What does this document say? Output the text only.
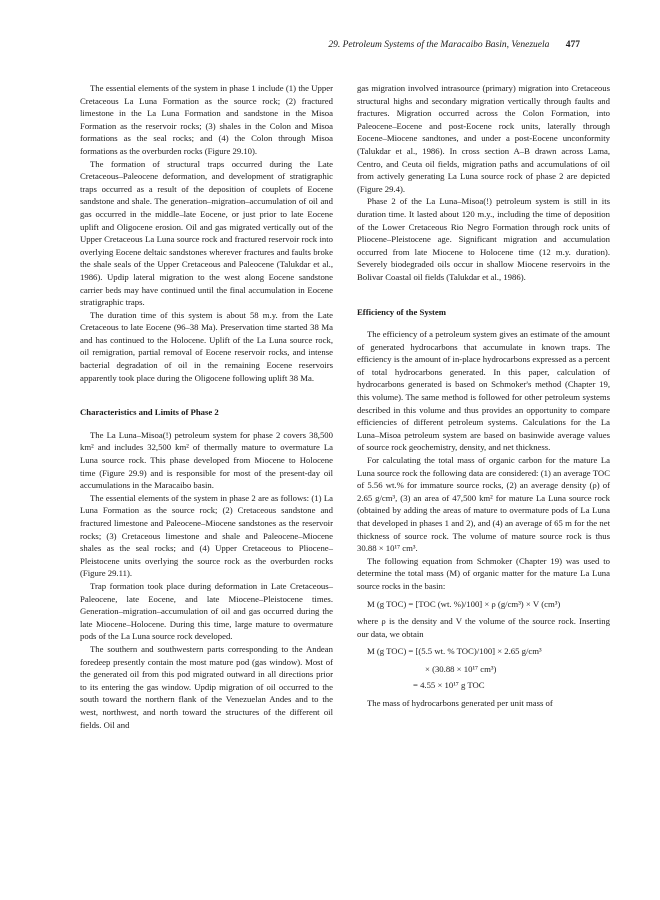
29. Petroleum Systems of the Maracaibo Basin, Venezuela 477

The essential elements of the system in phase 1 include (1) the Upper Cretaceous La Luna Formation as the source rock; (2) fractured limestone in the La Luna Formation and sandstone in the Misoa Formation as the reservoir rocks; (3) shales in the Colon and Misoa formations as the seal rocks; and (4) the Colon through Misoa formations as the overburden rocks (Figure 29.10).

The formation of structural traps occurred during the Late Cretaceous–Paleocene deformation, and development of stratigraphic traps occurred as a result of the deposition of couplets of Eocene sandstone and shale. The generation–migration–accumulation of oil and gas occurred in the middle–late Eocene, or just prior to late Eocene uplift and Oligocene erosion. Oil and gas migrated vertically out of the Upper Cretaceous La Luna source rock and fractured reservoir rock into overlying Eocene deltaic sandstones wherever fractures and faults broke the shale seals of the Upper Cretaceous and Paleocene (Talukdar et al., 1986). Updip lateral migration to the west along Eocene sandstone carrier beds may have continued until the final accumulation in Eocene stratigraphic traps.

The duration time of this system is about 58 m.y. from the Late Cretaceous to late Eocene (96–38 Ma). Preservation time started 38 Ma and has continued to the Holocene. Uplift of the La Luna source rock, oil remigration, partial removal of Eocene reservoir rocks, and intense bacterial degradation of oil in the remaining Eocene reservoirs apparently took place during the Oligocene following uplift 38 Ma.

Characteristics and Limits of Phase 2

The La Luna–Misoa(!) petroleum system for phase 2 covers 38,500 km² and includes 32,500 km² of thermally mature to overmature La Luna source rock. This phase developed from Miocene to Holocene time (Figure 29.9) and is responsible for most of the present-day oil accumulations in the Maracaibo basin.

The essential elements of the system in phase 2 are as follows: (1) La Luna Formation as the source rock; (2) Cretaceous sandstone and fractured limestone and Paleocene–Miocene sandstones as the reservoir rocks; (3) Cretaceous limestone and shale and Paleocene–Miocene shales as the seal rocks; and (4) Upper Cretaceous to Pliocene–Pleistocene units overlying the source rock as the overburden rocks (Figure 29.11).

Trap formation took place during deformation in Late Cretaceous–Paleocene, late Eocene, and late Miocene–Pleistocene times. Generation–migration–accumulation of oil and gas occurred during the late Miocene–Holocene. During this time, large mature to overmature pods of the La Luna source rock developed.

The southern and southwestern parts corresponding to the Andean foredeep presently contain the most mature pod (gas window). Most of the generated oil from this pod migrated outward in all directions prior to its entering the gas window. Updip migration of oil occurred to the south toward the northern flank of the Venezuelan Andes and to the west, northwest, and north toward the structures of the different oil fields. Oil and

gas migration involved intrasource (primary) migration into Cretaceous structural highs and secondary migration vertically through faults and fractures. Migration occurred across the Colon Formation, into Paleocene–Eocene and post-Eocene rock units, laterally through Eocene–Miocene sandtones, and under a post-Eocene unconformity (Talukdar et al., 1986). In cross section A–B drawn across Lama, Centro, and Ceuta oil fields, migration paths and accumulations of oil from actively generating La Luna source rock of phase 2 are depicted (Figure 29.4).

Phase 2 of the La Luna–Misoa(!) petroleum system is still in its duration time. It lasted about 120 m.y., including the time of deposition of the Lower Cretaceous Rio Negro Formation through rock units of Pliocene–Pleistocene age. Significant migration and accumulation occurred from late Miocene to Holocene time (12 m.y. duration). Severely biodegraded oils occur in shallow Miocene reservoirs in the Bolivar Coastal oil fields (Talukdar et al., 1986).

Efficiency of the System

The efficiency of a petroleum system gives an estimate of the amount of generated hydrocarbons that accumulate in known traps. The efficiency is the amount of in-place hydrocarbons expressed as a percent of total hydrocarbons generated. In this paper, calculation of hydrocarbons generated is based on Schmoker's method (Chapter 19, this volume). The same method is followed for other petroleum systems described in this volume and thus provides an opportunity to compare efficiencies of different petroleum systems. Calculations for the La Luna–Misoa petroleum system are based on basinwide average values of source rock geochemistry, density, and net thickness.

For calculating the total mass of organic carbon for the mature La Luna source rock the following data are considered: (1) an average TOC of 5.56 wt.% for immature source rocks, (2) an average density (ρ) of 2.65 g/cm³, (3) an area of 47,500 km² for mature La Luna source rock (obtained by adding the areas of mature to overmature pods of La Luna that developed in phases 1 and 2), and (4) an average of 65 m for the net thickness of source rock. The volume of mature source rock is thus 30.88 × 10¹⁷ cm³.

The following equation from Schmoker (Chapter 19) was used to determine the total mass (M) of organic matter for the mature La Luna source rocks in the basin:

M (g TOC) = [TOC (wt. %)/100] × ρ (g/cm³) × V (cm³)

where ρ is the density and V the volume of the source rock. Inserting our data, we obtain

M (g TOC) = [(5.5 wt. % TOC)/100] × 2.65 g/cm³

× (30.88 × 10¹⁷ cm³)

= 4.55 × 10¹⁷ g TOC

The mass of hydrocarbons generated per unit mass of
